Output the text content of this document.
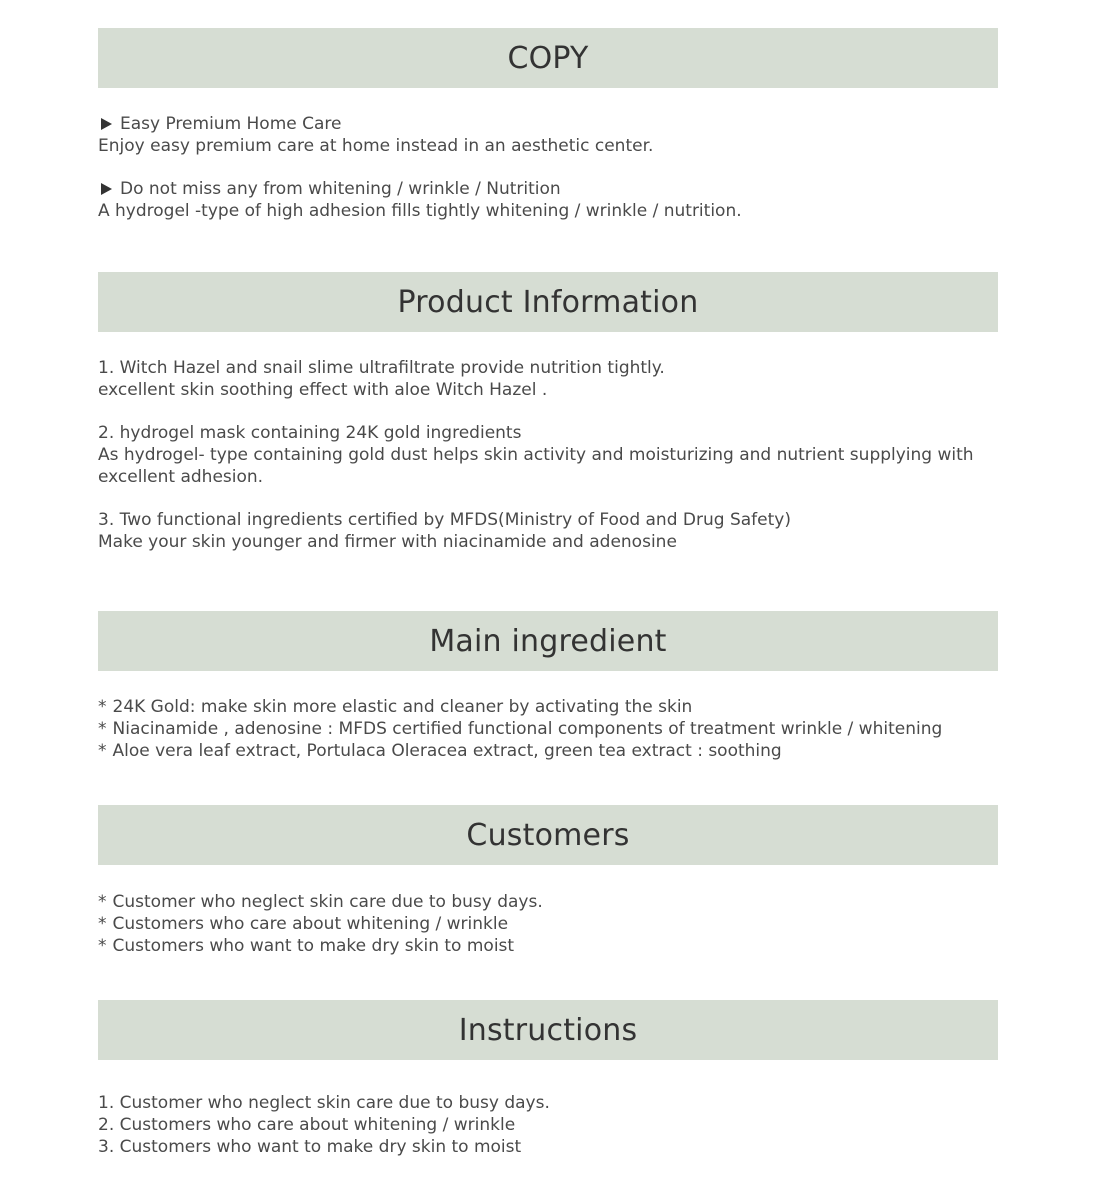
COPY
Easy Premium Home Care
Enjoy easy premium care at home instead in an aesthetic center.
Do not miss any from whitening / wrinkle / Nutrition
A hydrogel -type of high adhesion fills tightly whitening / wrinkle / nutrition.
Product Information
1. Witch Hazel and snail slime ultrafiltrate provide nutrition tightly.
excellent skin soothing effect with aloe Witch Hazel .
2. hydrogel mask containing 24K gold ingredients
As hydrogel- type containing gold dust helps skin activity and moisturizing and nutrient supplying with excellent adhesion.
3. Two functional ingredients certified by MFDS(Ministry of Food and Drug Safety)
Make your skin younger and firmer with niacinamide and adenosine
Main ingredient
* 24K Gold: make skin more elastic and cleaner by activating the skin
* Niacinamide , adenosine : MFDS certified functional components of treatment wrinkle / whitening
* Aloe vera leaf extract, Portulaca Oleracea extract, green tea extract : soothing
Customers
* Customer who neglect skin care due to busy days.
* Customers who care about whitening / wrinkle
* Customers who want to make dry skin to moist
Instructions
1. Customer who neglect skin care due to busy days.
2. Customers who care about whitening / wrinkle
3. Customers who want to make dry skin to moist
